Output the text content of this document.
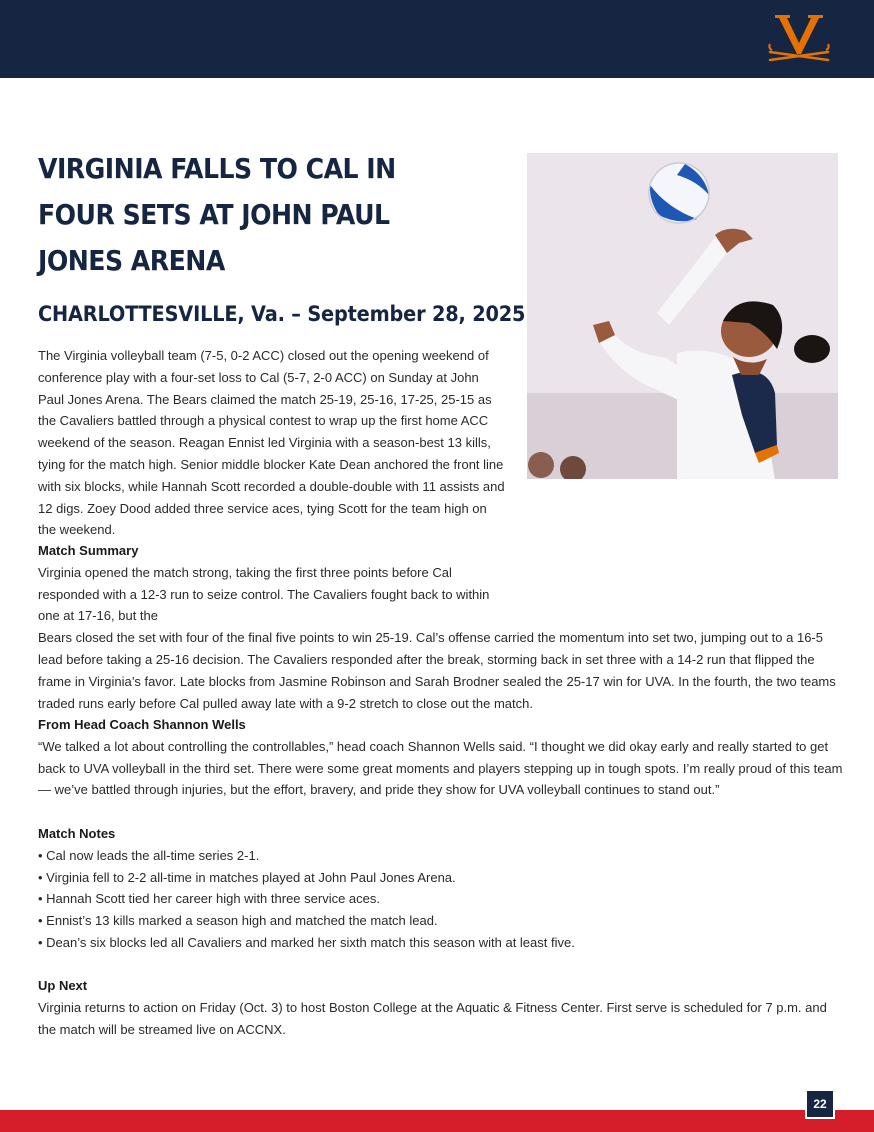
VIRGINIA FALLS TO CAL IN FOUR SETS AT JOHN PAUL JONES ARENA
CHARLOTTESVILLE, Va. – September 28, 2025

The Virginia volleyball team (7-5, 0-2 ACC) closed out the opening weekend of conference play with a four-set loss to Cal (5-7, 2-0 ACC) on Sunday at John Paul Jones Arena. The Bears claimed the match 25-19, 25-16, 17-25, 25-15 as the Cavaliers battled through a physical contest to wrap up the first home ACC weekend of the season. Reagan Ennist led Virginia with a season-best 13 kills, tying for the match high. Senior middle blocker Kate Dean anchored the front line with six blocks, while Hannah Scott recorded a double-double with 11 assists and 12 digs. Zoey Dood added three service aces, tying Scott for the team high on the weekend.

Match Summary

Virginia opened the match strong, taking the first three points before Cal responded with a 12-3 run to seize control. The Cavaliers fought back to within one at 17-16, but the

Bears closed the set with four of the final five points to win 25-19. Cal’s offense carried the momentum into set two, jumping out to a 16-5 lead before taking a 25-16 decision. The Cavaliers responded after the break, storming back in set three with a 14-2 run that flipped the frame in Virginia’s favor. Late blocks from Jasmine Robinson and Sarah Brodner sealed the 25-17 win for UVA. In the fourth, the two teams traded runs early before Cal pulled away late with a 9-2 stretch to close out the match.

From Head Coach Shannon Wells

“We talked a lot about controlling the controllables,” head coach Shannon Wells said. “I thought we did okay early and really started to get back to UVA volleyball in the third set. There were some great moments and players stepping up in tough spots. I’m really proud of this team — we’ve battled through injuries, but the effort, bravery, and pride they show for UVA volleyball continues to stand out.”

Match Notes
• Cal now leads the all-time series 2-1.
• Virginia fell to 2-2 all-time in matches played at John Paul Jones Arena.
• Hannah Scott tied her career high with three service aces.
• Ennist’s 13 kills marked a season high and matched the match lead.
• Dean’s six blocks led all Cavaliers and marked her sixth match this season with at least five.
Up Next

Virginia returns to action on Friday (Oct. 3) to host Boston College at the Aquatic & Fitness Center. First serve is scheduled for 7 p.m. and the match will be streamed live on ACCNX.

22
